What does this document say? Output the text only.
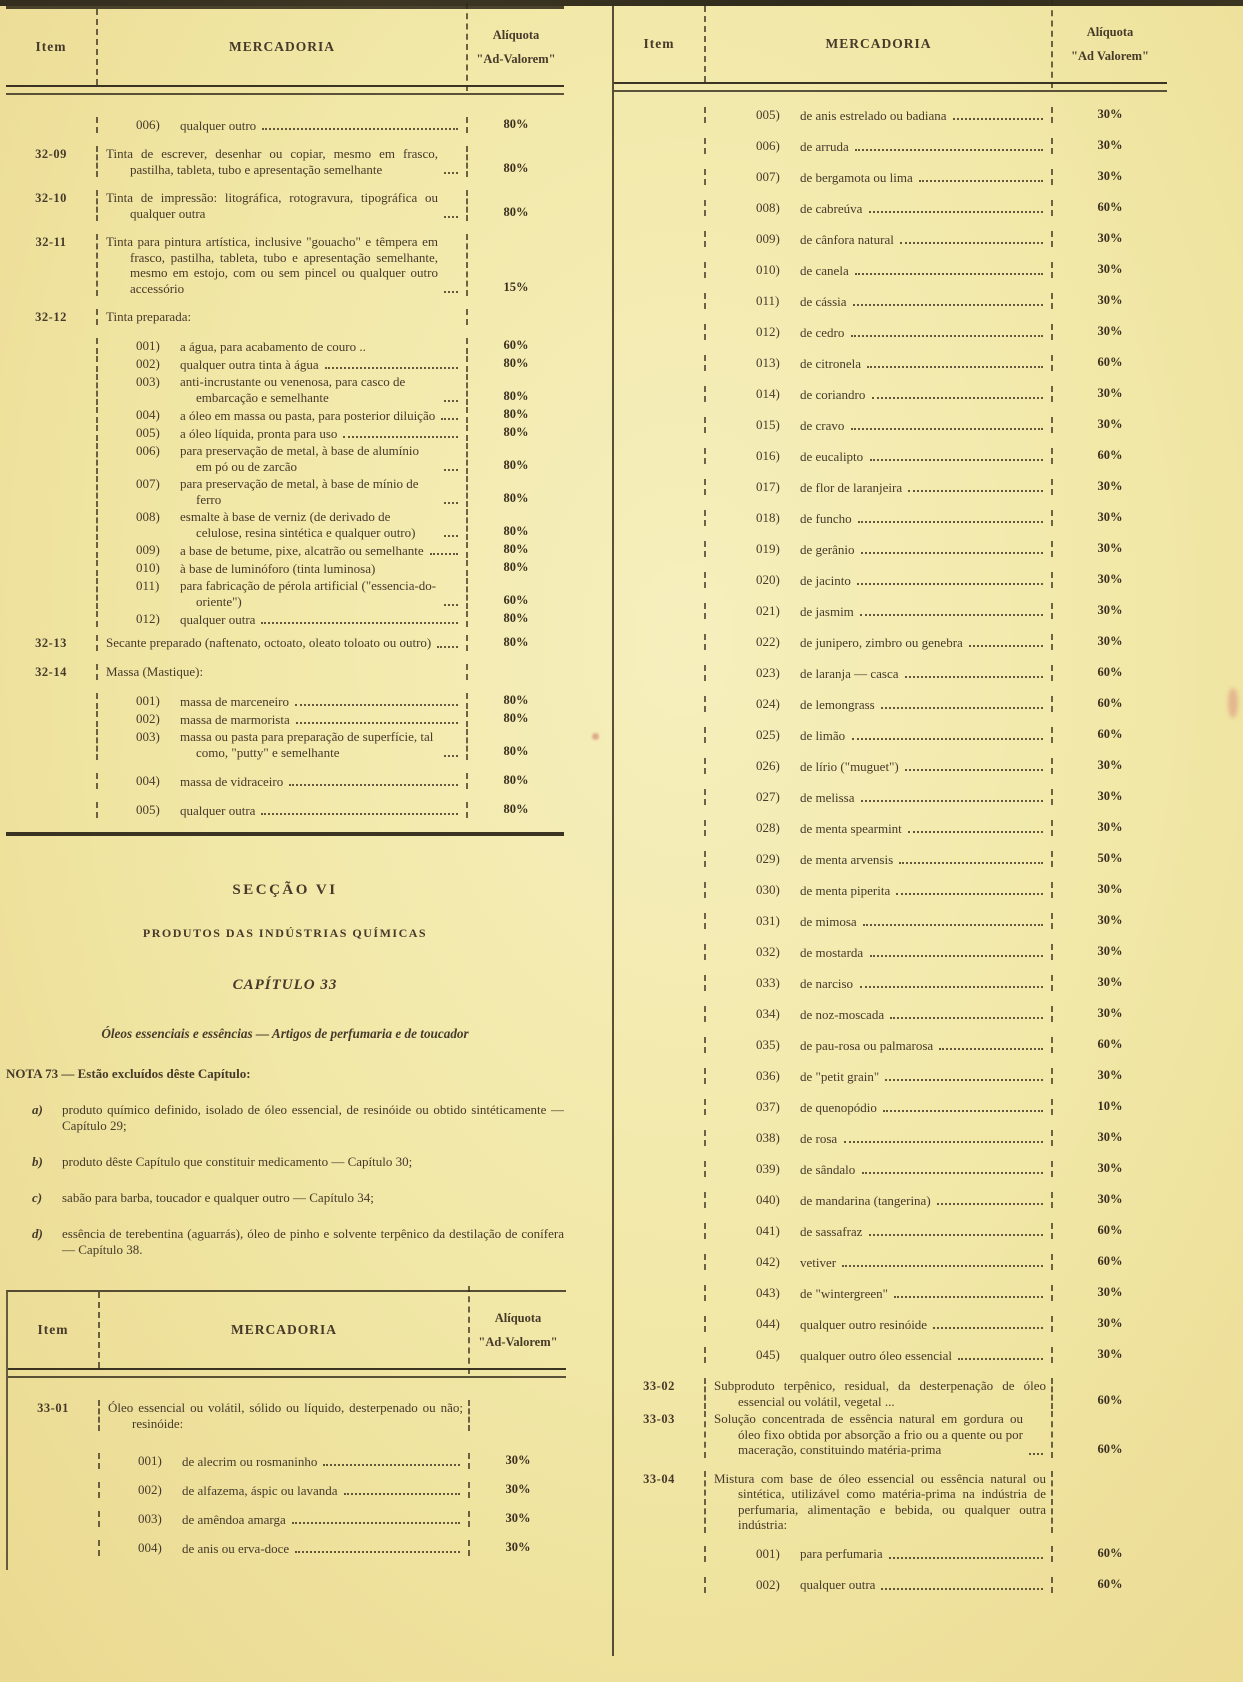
Item	MERCADORIA
Alíquota
"Ad-Valorem"
006)	qualquer outro	80%
32-09	Tinta de escrever, desenhar ou copiar, mesmo em frasco, pastilha, tableta, tubo e apresentação semelhante	80%
32-10	Tinta de impressão: litográfica, rotogravura, tipográfica ou qualquer outra	80%
32-11	Tinta para pintura artística, inclusive "gouacho" e têmpera em frasco, pastilha, tableta, tubo e apresentação semelhante, mesmo em estojo, com ou sem pincel ou qualquer outro accessório	15%
32-12	Tinta preparada:
001)	a água, para acabamento de couro ..	60%
002)	qualquer outra tinta à água	80%
003)	anti-incrustante ou venenosa, para casco de embarcação e semelhante	80%
004)	a óleo em massa ou pasta, para posterior diluição	80%
005)	a óleo líquida, pronta para uso	80%
006)	para preservação de metal, à base de alumínio em pó ou de zarcão	80%
007)	para preservação de metal, à base de mínio de ferro	80%
008)	esmalte à base de verniz (de derivado de celulose, resina sintética e qualquer outro)	80%
009)	a base de betume, pixe, alcatrão ou semelhante	80%
010)	à base de luminóforo (tinta luminosa)	80%
011)	para fabricação de pérola artificial ("essencia-do-oriente")	60%
012)	qualquer outra	80%
32-13	Secante preparado (naftenato, octoato, oleato toloato ou outro)	80%
32-14	Massa (Mastique):
001)	massa de marceneiro	80%
002)	massa de marmorista	80%
003)	massa ou pasta para preparação de superfície, tal como, "putty" e semelhante	80%
004)	massa de vidraceiro	80%
005)	qualquer outra	80%
SECÇÃO VI
PRODUTOS DAS INDÚSTRIAS QUÍMICAS
CAPÍTULO 33

Óleos essenciais e essências — Artigos de perfumaria e de toucador

NOTA 73 — Estão excluídos dêste Capítulo:

a)	produto químico definido, isolado de óleo essencial, de resinóide ou obtido sintéticamente — Capítulo 29;
b)	produto dêste Capítulo que constituir medicamento — Capítulo 30;
c)	sabão para barba, toucador e qualquer outro — Capítulo 34;
d)	essência de terebentina (aguarrás), óleo de pinho e solvente terpênico da destilação de conífera — Capítulo 38.
Item	MERCADORIA
Alíquota
"Ad-Valorem"
33-01	Óleo essencial ou volátil, sólido ou líquido, desterpenado ou não; resinóide:
001)	de alecrim ou rosmaninho	30%
002)	de alfazema, áspic ou lavanda	30%
003)	de amêndoa amarga	30%
004)	de anis ou erva-doce	30%
Item	MERCADORIA
Alíquota
"Ad Valorem"
005)	de anis estrelado ou badiana	30%
006)	de arruda	30%
007)	de bergamota ou lima	30%
008)	de cabreúva	60%
009)	de cânfora natural	30%
010)	de canela	30%
011)	de cássia	30%
012)	de cedro	30%
013)	de citronela	60%
014)	de coriandro	30%
015)	de cravo	30%
016)	de eucalipto	60%
017)	de flor de laranjeira	30%
018)	de funcho	30%
019)	de gerânio	30%
020)	de jacinto	30%
021)	de jasmim	30%
022)	de junipero, zimbro ou genebra	30%
023)	de laranja — casca	60%
024)	de lemongrass	60%
025)	de limão	60%
026)	de lírio ("muguet")	30%
027)	de melissa	30%
028)	de menta spearmint	30%
029)	de menta arvensis	50%
030)	de menta piperita	30%
031)	de mimosa	30%
032)	de mostarda	30%
033)	de narciso	30%
034)	de noz-moscada	30%
035)	de pau-rosa ou palmarosa	60%
036)	de "petit grain"	30%
037)	de quenopódio	10%
038)	de rosa	30%
039)	de sândalo	30%
040)	de mandarina (tangerina)	30%
041)	de sassafraz	60%
042)	vetiver	60%
043)	de "wintergreen"	30%
044)	qualquer outro resinóide	30%
045)	qualquer outro óleo essencial	30%
33-02	Subproduto terpênico, residual, da desterpenação de óleo essencial ou volátil, vegetal ...	60%
33-03	Solução concentrada de essência natural em gordura ou óleo fixo obtida por absorção a frio ou a quente ou por maceração, constituindo matéria-prima	60%
33-04	Mistura com base de óleo essencial ou essência natural ou sintética, utilizável como matéria-prima na indústria de perfumaria, alimentação e bebida, ou qualquer outra indústria:
001)	para perfumaria	60%
002)	qualquer outra	60%
